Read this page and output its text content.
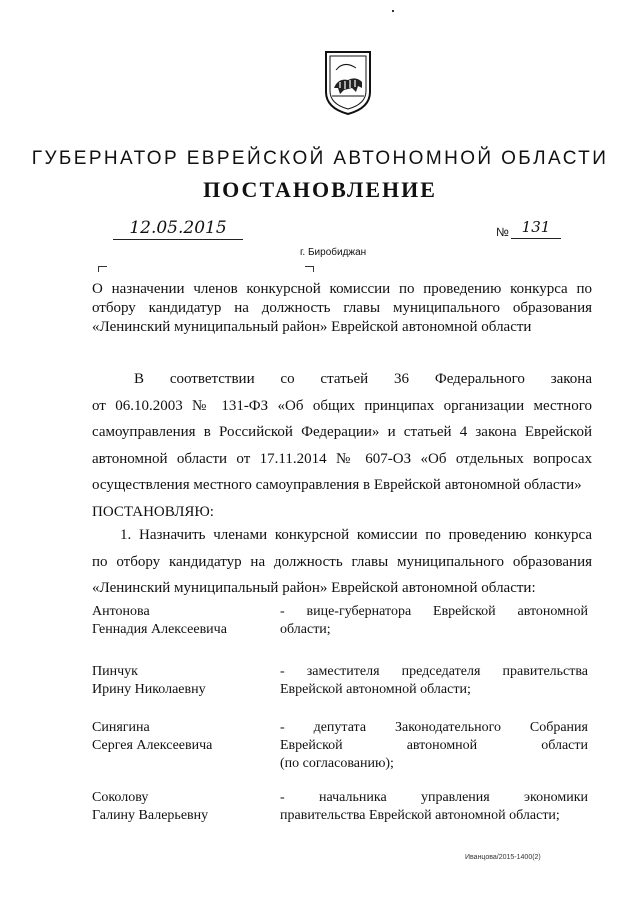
ГУБЕРНАТОР ЕВРЕЙСКОЙ АВТОНОМНОЙ ОБЛАСТИ
ПОСТАНОВЛЕНИЕ
12.05.2015	№ 131
г. Биробиджан
О назначении членов конкурсной комиссии по проведению конкурса по
отбору кандидатур на должность главы муниципального образования
«Ленинский муниципальный район» Еврейской автономной области
В соответствии со статьей 36 Федерального закона
от 06.10.2003 № 131-ФЗ «Об общих принципах организации местного
самоуправления в Российской Федерации» и статьей 4 закона Еврейской
автономной области от 17.11.2014 № 607-ОЗ «Об отдельных вопросах
осуществления местного самоуправления в Еврейской автономной области»
ПОСТАНОВЛЯЮ:
1. Назначить членами конкурсной комиссии по проведению конкурса
по отбору кандидатур на должность главы муниципального образования
«Ленинский муниципальный район» Еврейской автономной области:
Антонова
Геннадия Алексеевича
- вице-губернатора Еврейской автономной
области;
Пинчук
Ирину Николаевну
- заместителя председателя правительства
Еврейской автономной области;
Синягина
Сергея Алексеевича
- депутата Законодательного Собрания
Еврейской автономной области
(по согласованию);
Соколову
Галину Валерьевну
- начальника управления экономики
правительства Еврейской автономной области;
Иванцова/2015-1400(2)
